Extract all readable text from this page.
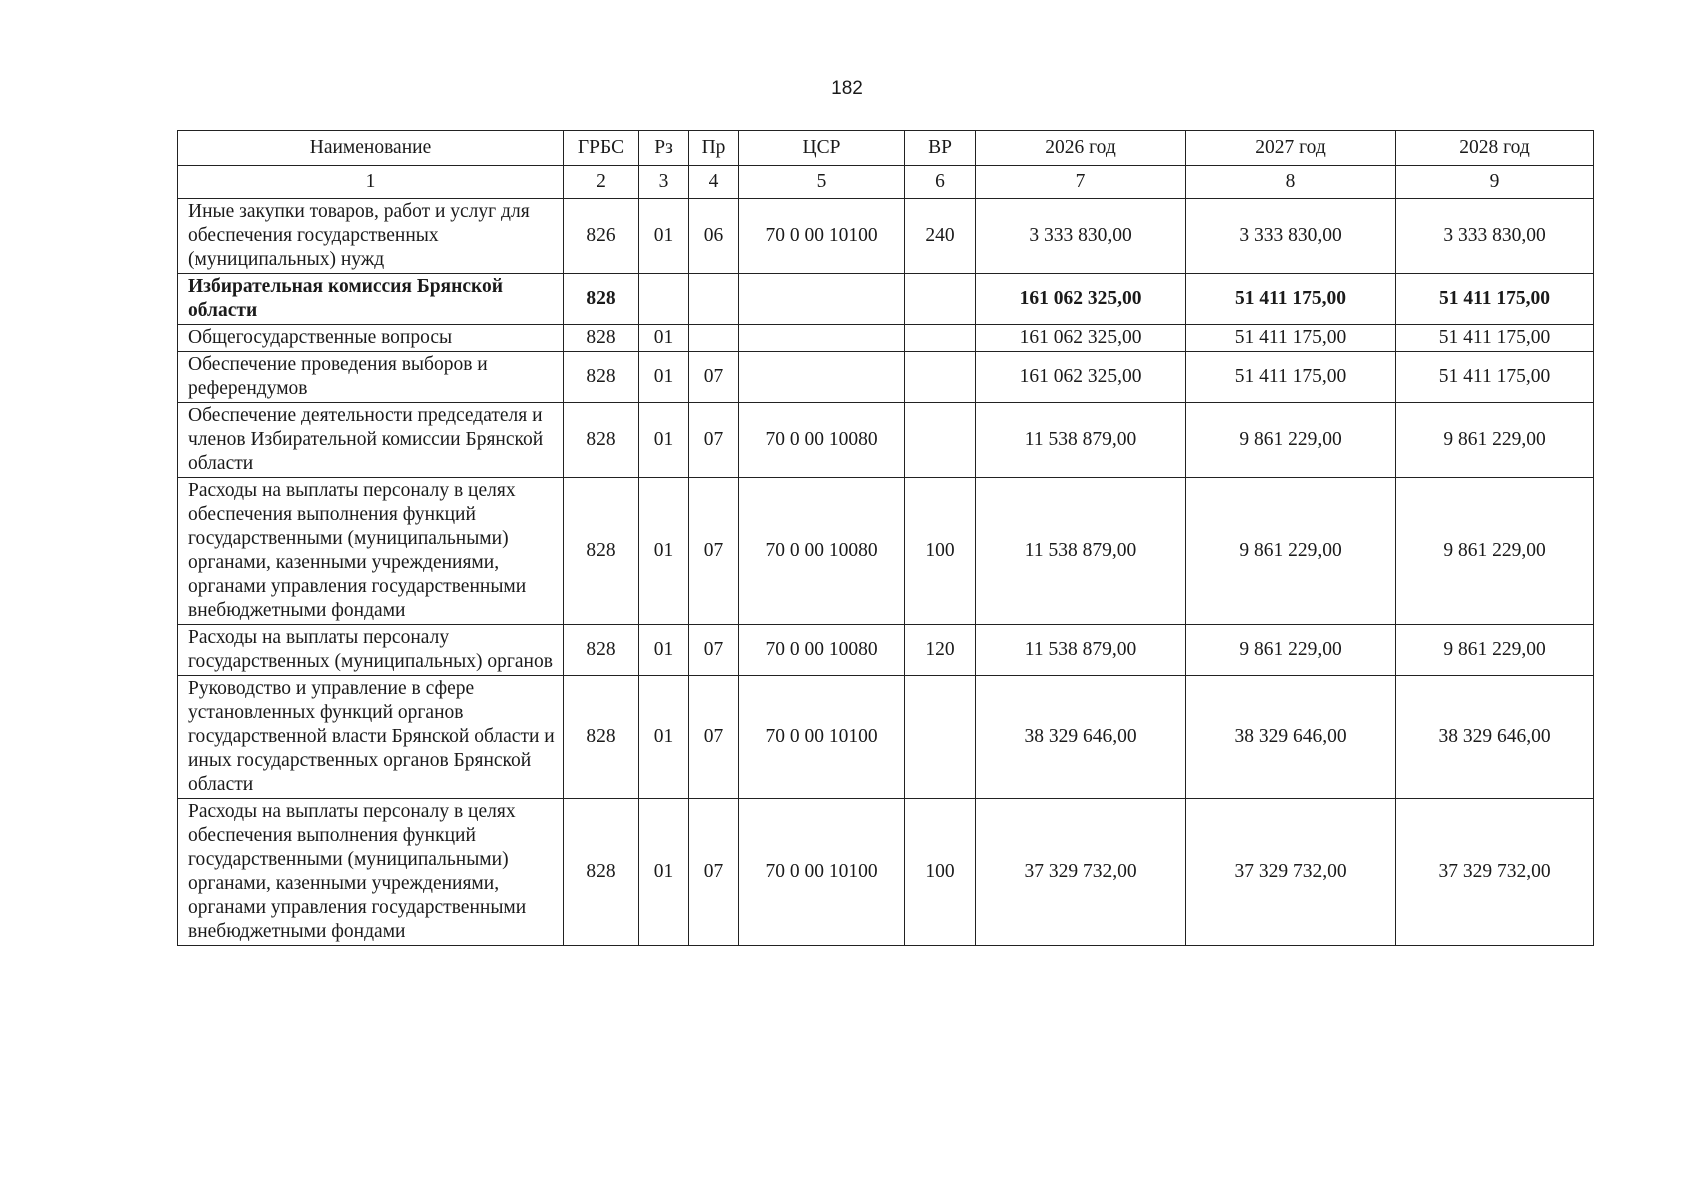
182
Наименование	ГРБС	Рз	Пр	ЦСР	ВР	2026 год	2027 год	2028 год
1	2	3	4	5	6	7	8	9
Иные закупки товаров, работ и услуг для обеспечения государственных (муниципальных) нужд	826	01	06	70 0 00 10100	240	3 333 830,00	3 333 830,00	3 333 830,00
Избирательная комиссия Брянской области	828					161 062 325,00	51 411 175,00	51 411 175,00
Общегосударственные вопросы	828	01				161 062 325,00	51 411 175,00	51 411 175,00
Обеспечение проведения выборов и референдумов	828	01	07			161 062 325,00	51 411 175,00	51 411 175,00
Обеспечение деятельности председателя и членов Избирательной комиссии Брянской области	828	01	07	70 0 00 10080		11 538 879,00	9 861 229,00	9 861 229,00
Расходы на выплаты персоналу в целях обеспечения выполнения функций государственными (муниципальными) органами, казенными учреждениями, органами управления государственными внебюджетными фондами	828	01	07	70 0 00 10080	100	11 538 879,00	9 861 229,00	9 861 229,00
Расходы на выплаты персоналу государственных (муниципальных) органов	828	01	07	70 0 00 10080	120	11 538 879,00	9 861 229,00	9 861 229,00
Руководство и управление в сфере установленных функций органов государственной власти Брянской области и иных государственных органов Брянской области	828	01	07	70 0 00 10100		38 329 646,00	38 329 646,00	38 329 646,00
Расходы на выплаты персоналу в целях обеспечения выполнения функций государственными (муниципальными) органами, казенными учреждениями, органами управления государственными внебюджетными фондами	828	01	07	70 0 00 10100	100	37 329 732,00	37 329 732,00	37 329 732,00
